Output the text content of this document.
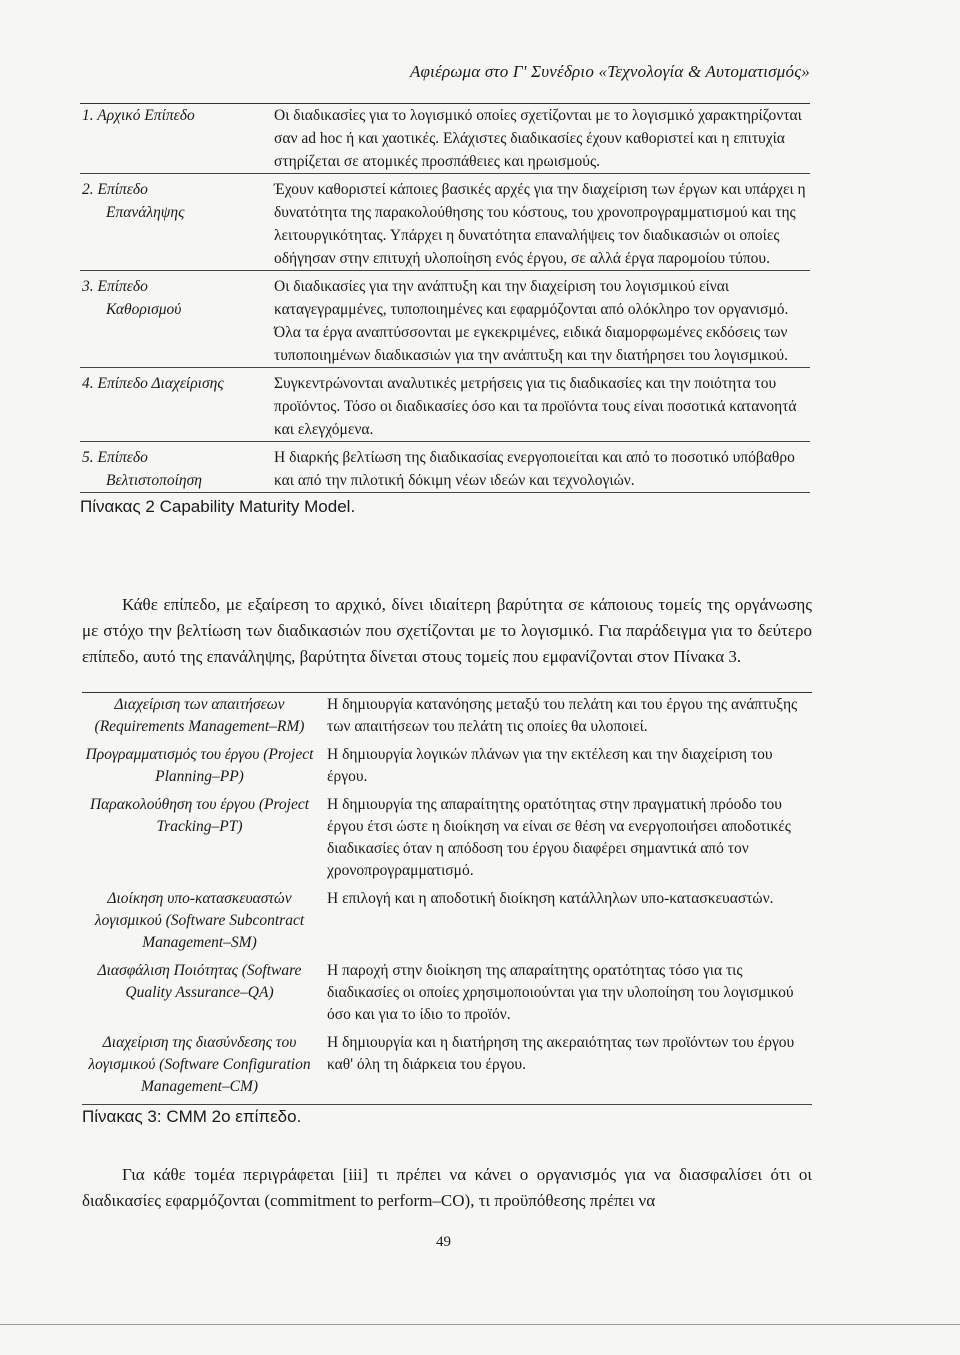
Αφιέρωμα στο Γ' Συνέδριο «Τεχνολογία & Αυτοματισμός»
1. Αρχικό Επίπεδο	Οι διαδικασίες για το λογισμικό οποίες σχετίζονται με το λογισμικό χαρακτηρίζονται σαν ad hoc ή και χαοτικές. Ελάχιστες διαδικασίες έχουν καθοριστεί και η επιτυχία στηρίζεται σε ατομικές προσπάθειες και ηρωισμούς.
2. Επίπεδο
Επανάληψης
Έχουν καθοριστεί κάποιες βασικές αρχές για την διαχείριση των έργων και υπάρχει η δυνατότητα της παρακολούθησης του κόστους, του χρονοπρογραμματισμού και της λειτουργικότητας. Υπάρχει η δυνατότητα επαναλήψεις τον διαδικασιών οι οποίες οδήγησαν στην επιτυχή υλοποίηση ενός έργου, σε αλλά έργα παρομοίου τύπου.
3. Επίπεδο
Καθορισμού
Οι διαδικασίες για την ανάπτυξη και την διαχείριση του λογισμικού είναι καταγεγραμμένες, τυποποιημένες και εφαρμόζονται από ολόκληρο τον οργανισμό. Όλα τα έργα αναπτύσσονται με εγκεκριμένες, ειδικά διαμορφωμένες εκδόσεις των τυποποιημένων διαδικασιών για την ανάπτυξη και την διατήρησει του λογισμικού.
4. Επίπεδο Διαχείρισης	Συγκεντρώνονται αναλυτικές μετρήσεις για τις διαδικασίες και την ποιότητα του προϊόντος. Τόσο οι διαδικασίες όσο και τα προϊόντα τους είναι ποσοτικά κατανοητά και ελεγχόμενα.
5. Επίπεδο
Βελτιστοποίηση
Η διαρκής βελτίωση της διαδικασίας ενεργοποιείται και από το ποσοτικό υπόβαθρο και από την πιλοτική δόκιμη νέων ιδεών και τεχνολογιών.
Πίνακας 2 Capability Maturity Model.
Κάθε επίπεδο, με εξαίρεση το αρχικό, δίνει ιδιαίτερη βαρύτητα σε κάποιους τομείς της οργάνωσης με στόχο την βελτίωση των διαδικασιών που σχετίζονται με το λογισμικό. Για παράδειγμα για το δεύτερο επίπεδο, αυτό της επανάληψης, βαρύτητα δίνεται στους τομείς που εμφανίζονται στον Πίνακα 3.
Διαχείριση των απαιτήσεων (Requirements Management–RM)
Η δημιουργία κατανόησης μεταξύ του πελάτη και του έργου της ανάπτυξης των απαιτήσεων του πελάτη τις οποίες θα υλοποιεί.
Προγραμματισμός του έργου (Project Planning–PP)
Η δημιουργία λογικών πλάνων για την εκτέλεση και την διαχείριση του έργου.
Παρακολούθηση του έργου (Project Tracking–PT)
Η δημιουργία της απαραίτητης ορατότητας στην πραγματική πρόοδο του έργου έτσι ώστε η διοίκηση να είναι σε θέση να ενεργοποιήσει αποδοτικές διαδικασίες όταν η απόδοση του έργου διαφέρει σημαντικά από τον χρονοπρογραμματισμό.
Διοίκηση υπο-κατασκευαστών λογισμικού (Software Subcontract Management–SM)
Η επιλογή και η αποδοτική διοίκηση κατάλληλων υπο-κατασκευαστών.
Διασφάλιση Ποιότητας (Software Quality Assurance–QA)
Η παροχή στην διοίκηση της απαραίτητης ορατότητας τόσο για τις διαδικασίες οι οποίες χρησιμοποιούνται για την υλοποίηση του λογισμικού όσο και για το ίδιο το προϊόν.
Διαχείριση της διασύνδεσης του λογισμικού (Software Configuration Management–CM)
Η δημιουργία και η διατήρηση της ακεραιότητας των προϊόντων του έργου καθ' όλη τη διάρκεια του έργου.
Πίνακας 3: CMM 2ο επίπεδο.
Για κάθε τομέα περιγράφεται [iii] τι πρέπει να κάνει ο οργανισμός για να διασφαλίσει ότι οι διαδικασίες εφαρμόζονται (commitment to perform–CO), τι προϋπόθεσης πρέπει να
49
